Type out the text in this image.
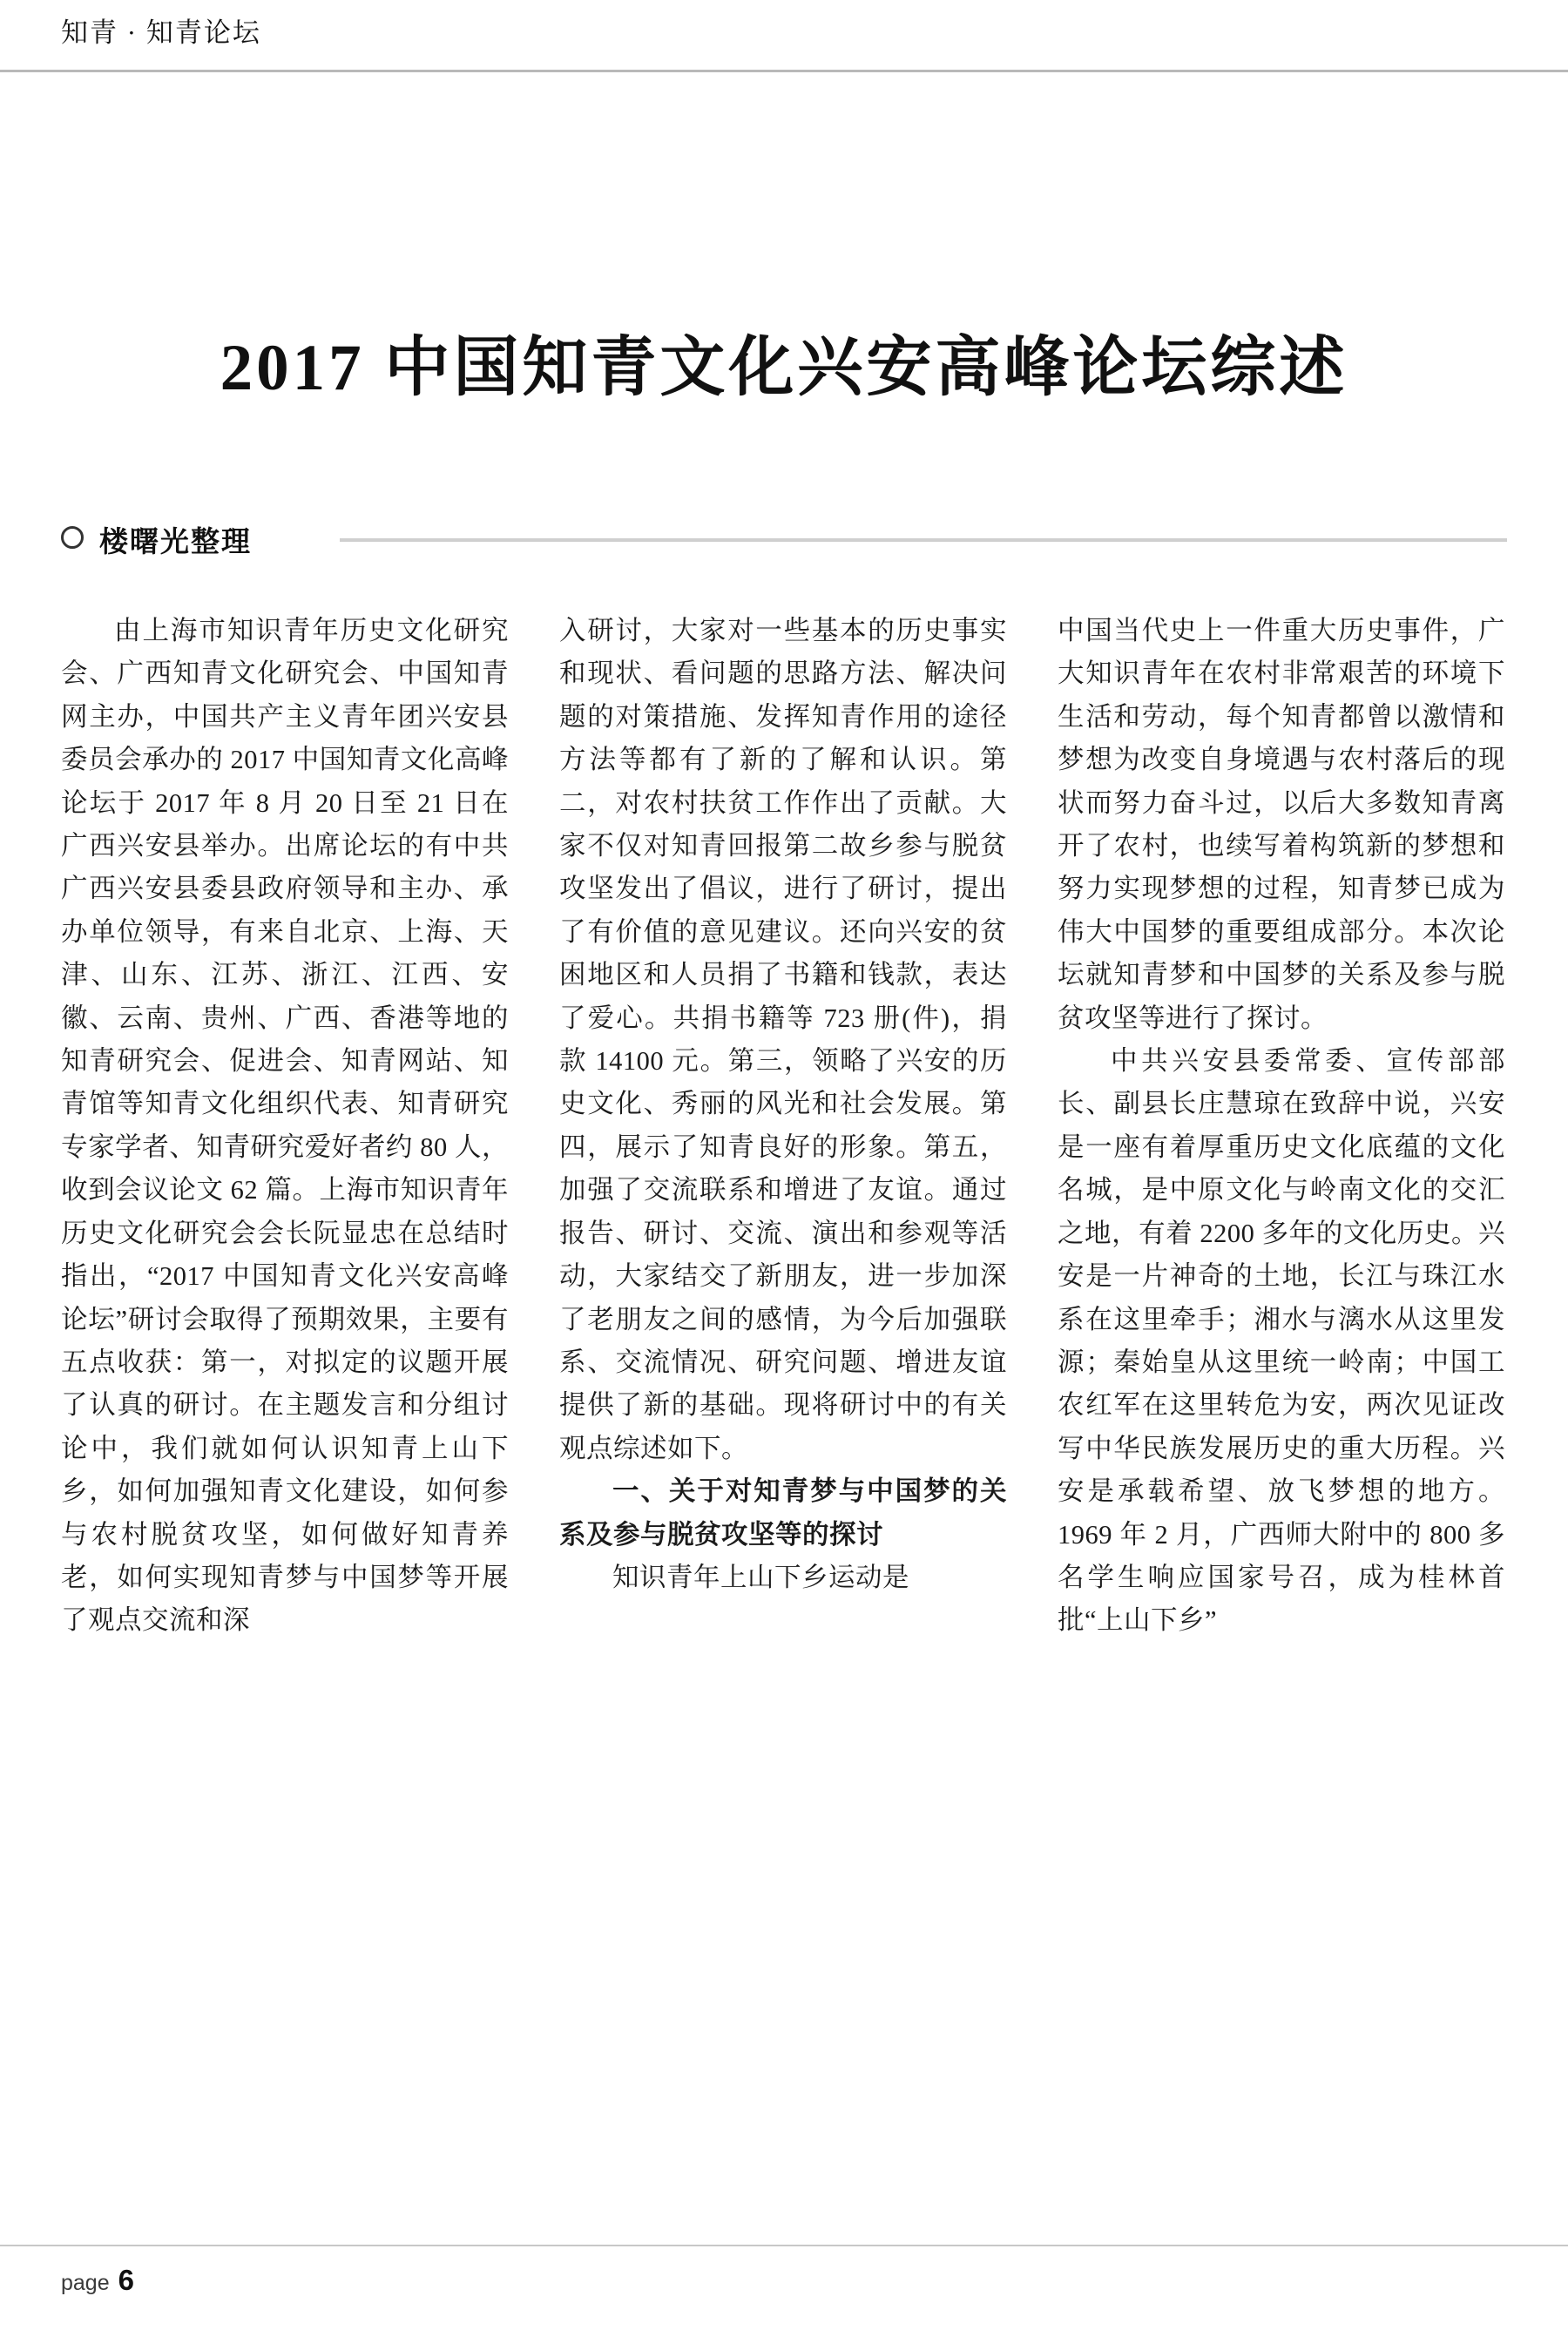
知青 · 知青论坛
2017 中国知青文化兴安高峰论坛综述
楼曙光整理

由上海市知识青年历史文化研究会、广西知青文化研究会、中国知青网主办，中国共产主义青年团兴安县委员会承办的 2017 中国知青文化高峰论坛于 2017 年 8 月 20 日至 21 日在广西兴安县举办。出席论坛的有中共广西兴安县委县政府领导和主办、承办单位领导，有来自北京、上海、天津、山东、江苏、浙江、江西、安徽、云南、贵州、广西、香港等地的知青研究会、促进会、知青网站、知青馆等知青文化组织代表、知青研究专家学者、知青研究爱好者约 80 人，收到会议论文 62 篇。上海市知识青年历史文化研究会会长阮显忠在总结时指出，“2017 中国知青文化兴安高峰论坛”研讨会取得了预期效果，主要有五点收获：第一，对拟定的议题开展了认真的研讨。在主题发言和分组讨论中，我们就如何认识知青上山下乡，如何加强知青文化建设，如何参与农村脱贫攻坚，如何做好知青养老，如何实现知青梦与中国梦等开展了观点交流和深

入研讨，大家对一些基本的历史事实和现状、看问题的思路方法、解决问题的对策措施、发挥知青作用的途径方法等都有了新的了解和认识。第二，对农村扶贫工作作出了贡献。大家不仅对知青回报第二故乡参与脱贫攻坚发出了倡议，进行了研讨，提出了有价值的意见建议。还向兴安的贫困地区和人员捐了书籍和钱款，表达了爱心。共捐书籍等 723 册(件)，捐款 14100 元。第三，领略了兴安的历史文化、秀丽的风光和社会发展。第四，展示了知青良好的形象。第五，加强了交流联系和增进了友谊。通过报告、研讨、交流、演出和参观等活动，大家结交了新朋友，进一步加深了老朋友之间的感情，为今后加强联系、交流情况、研究问题、增进友谊提供了新的基础。现将研讨中的有关观点综述如下。

一、关于对知青梦与中国梦的关系及参与脱贫攻坚等的探讨

知识青年上山下乡运动是

中国当代史上一件重大历史事件，广大知识青年在农村非常艰苦的环境下生活和劳动，每个知青都曾以激情和梦想为改变自身境遇与农村落后的现状而努力奋斗过，以后大多数知青离开了农村，也续写着构筑新的梦想和努力实现梦想的过程，知青梦已成为伟大中国梦的重要组成部分。本次论坛就知青梦和中国梦的关系及参与脱贫攻坚等进行了探讨。

中共兴安县委常委、宣传部部长、副县长庄慧琼在致辞中说，兴安是一座有着厚重历史文化底蕴的文化名城，是中原文化与岭南文化的交汇之地，有着 2200 多年的文化历史。兴安是一片神奇的土地，长江与珠江水系在这里牵手；湘水与漓水从这里发源；秦始皇从这里统一岭南；中国工农红军在这里转危为安，两次见证改写中华民族发展历史的重大历程。兴安是承载希望、放飞梦想的地方。1969 年 2 月，广西师大附中的 800 多名学生响应国家号召，成为桂林首批“上山下乡”

page 6
